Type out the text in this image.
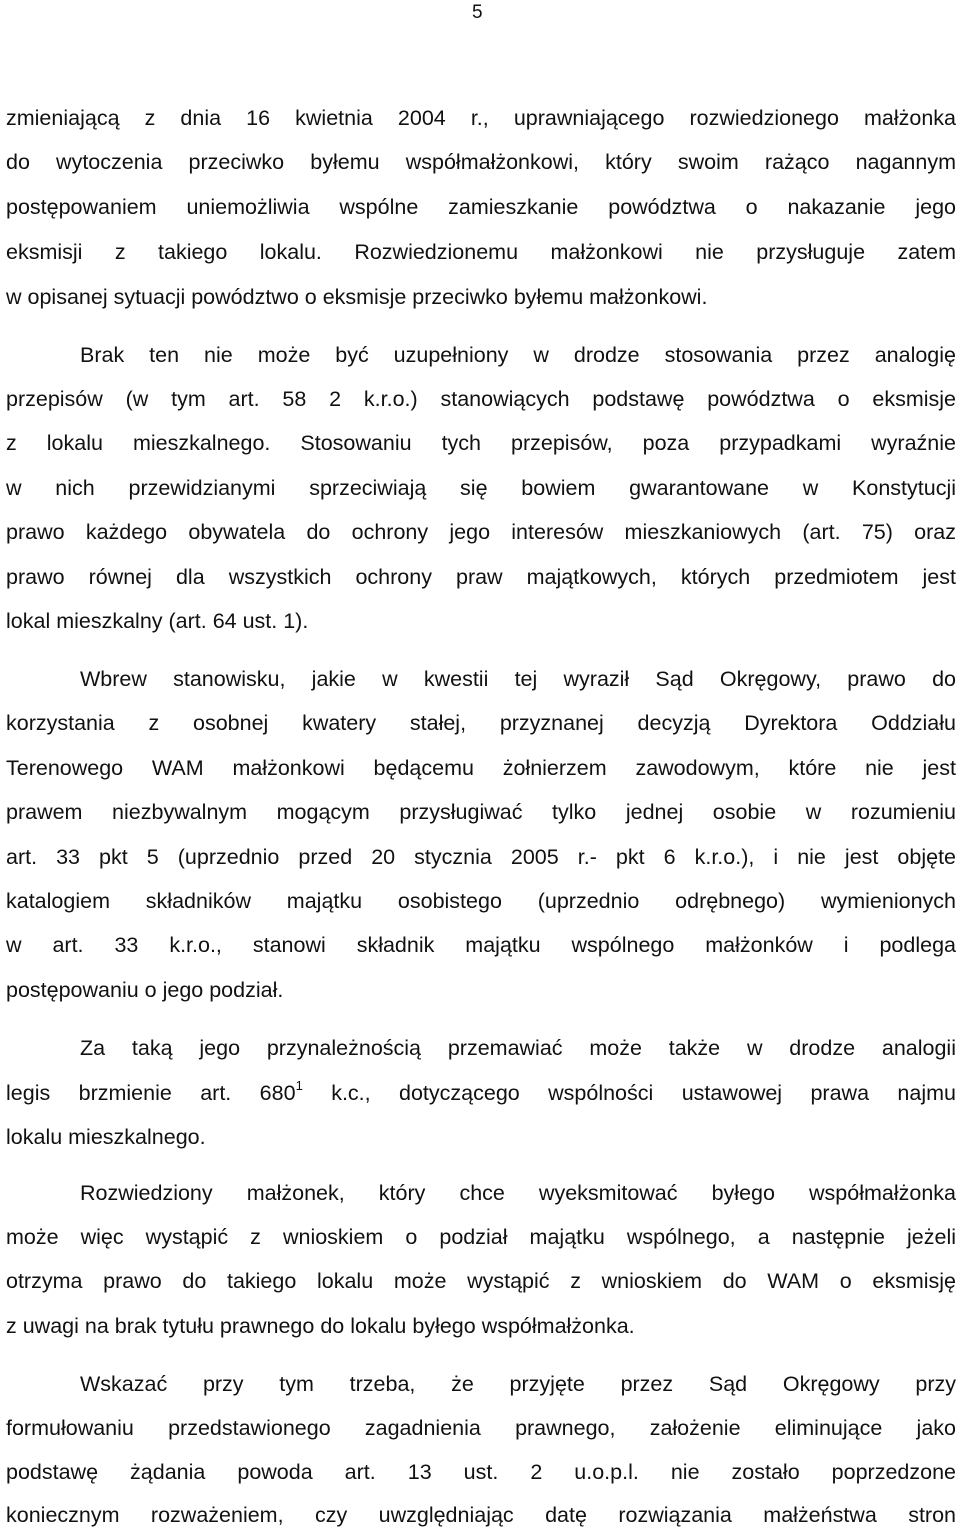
5
zmieniającą z dnia 16 kwietnia 2004 r., uprawniającego rozwiedzionego małżonka
do wytoczenia przeciwko byłemu współmałżonkowi, który swoim rażąco nagannym
postępowaniem uniemożliwia wspólne zamieszkanie powództwa o nakazanie jego
eksmisji z takiego lokalu. Rozwiedzionemu małżonkowi nie przysługuje zatem
w opisanej sytuacji powództwo o eksmisje przeciwko byłemu małżonkowi.
Brak ten nie może być uzupełniony w drodze stosowania przez analogię
przepisów (w tym art. 58 2 k.r.o.) stanowiących podstawę powództwa o eksmisje
z lokalu mieszkalnego. Stosowaniu tych przepisów, poza przypadkami wyraźnie
w nich przewidzianymi sprzeciwiają się bowiem gwarantowane w Konstytucji
prawo każdego obywatela do ochrony jego interesów mieszkaniowych (art. 75) oraz
prawo równej dla wszystkich ochrony praw majątkowych, których przedmiotem jest
lokal mieszkalny (art. 64 ust. 1).
Wbrew stanowisku, jakie w kwestii tej wyraził Sąd Okręgowy, prawo do
korzystania z osobnej kwatery stałej, przyznanej decyzją Dyrektora Oddziału
Terenowego WAM małżonkowi będącemu żołnierzem zawodowym, które nie jest
prawem niezbywalnym mogącym przysługiwać tylko jednej osobie w rozumieniu
art. 33 pkt 5 (uprzednio przed 20 stycznia 2005 r.- pkt 6 k.r.o.), i nie jest objęte
katalogiem składników majątku osobistego (uprzednio odrębnego) wymienionych
w art. 33 k.r.o., stanowi składnik majątku wspólnego małżonków i podlega
postępowaniu o jego podział.
Za taką jego przynależnością przemawiać może także w drodze analogii
legis brzmienie art. $680^1$ k.c., dotyczącego wspólności ustawowej prawa najmu
lokalu mieszkalnego.
Rozwiedziony małżonek, który chce wyeksmitować byłego współmałżonka
może więc wystąpić z wnioskiem o podział majątku wspólnego, a następnie jeżeli
otrzyma prawo do takiego lokalu może wystąpić z wnioskiem do WAM o eksmisję
z uwagi na brak tytułu prawnego do lokalu byłego współmałżonka.
Wskazać przy tym trzeba, że przyjęte przez Sąd Okręgowy przy
formułowaniu przedstawionego zagadnienia prawnego, założenie eliminujące jako
podstawę żądania powoda art. 13 ust. 2 u.o.p.l. nie zostało poprzedzone
koniecznym rozważeniem, czy uwzględniając datę rozwiązania małżeństwa stron
